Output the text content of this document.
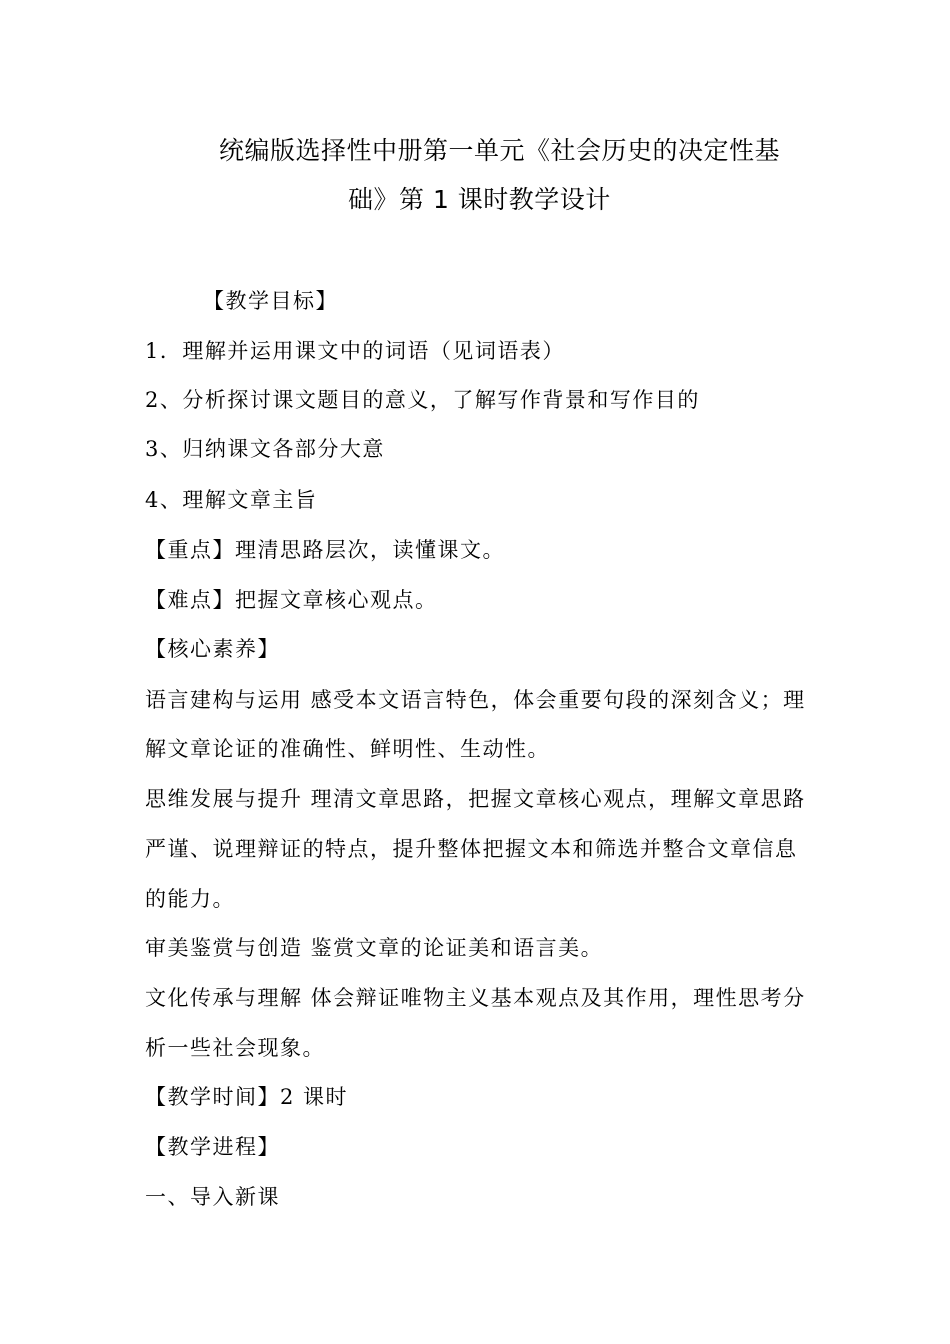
统编版选择性中册第一单元《社会历史的决定性基
础》第 1 课时教学设计
【教学目标】
1．理解并运用课文中的词语（见词语表）
2、分析探讨课文题目的意义，了解写作背景和写作目的
3、归纳课文各部分大意
4、理解文章主旨
【重点】理清思路层次，读懂课文。
【难点】把握文章核心观点。
【核心素养】
语言建构与运用 感受本文语言特色，体会重要句段的深刻含义；理
解文章论证的准确性、鲜明性、生动性。
思维发展与提升 理清文章思路，把握文章核心观点，理解文章思路
严谨、说理辩证的特点，提升整体把握文本和筛选并整合文章信息
的能力。
审美鉴赏与创造 鉴赏文章的论证美和语言美。
文化传承与理解 体会辩证唯物主义基本观点及其作用，理性思考分
析一些社会现象。
【教学时间】2 课时
【教学进程】
一、导入新课
